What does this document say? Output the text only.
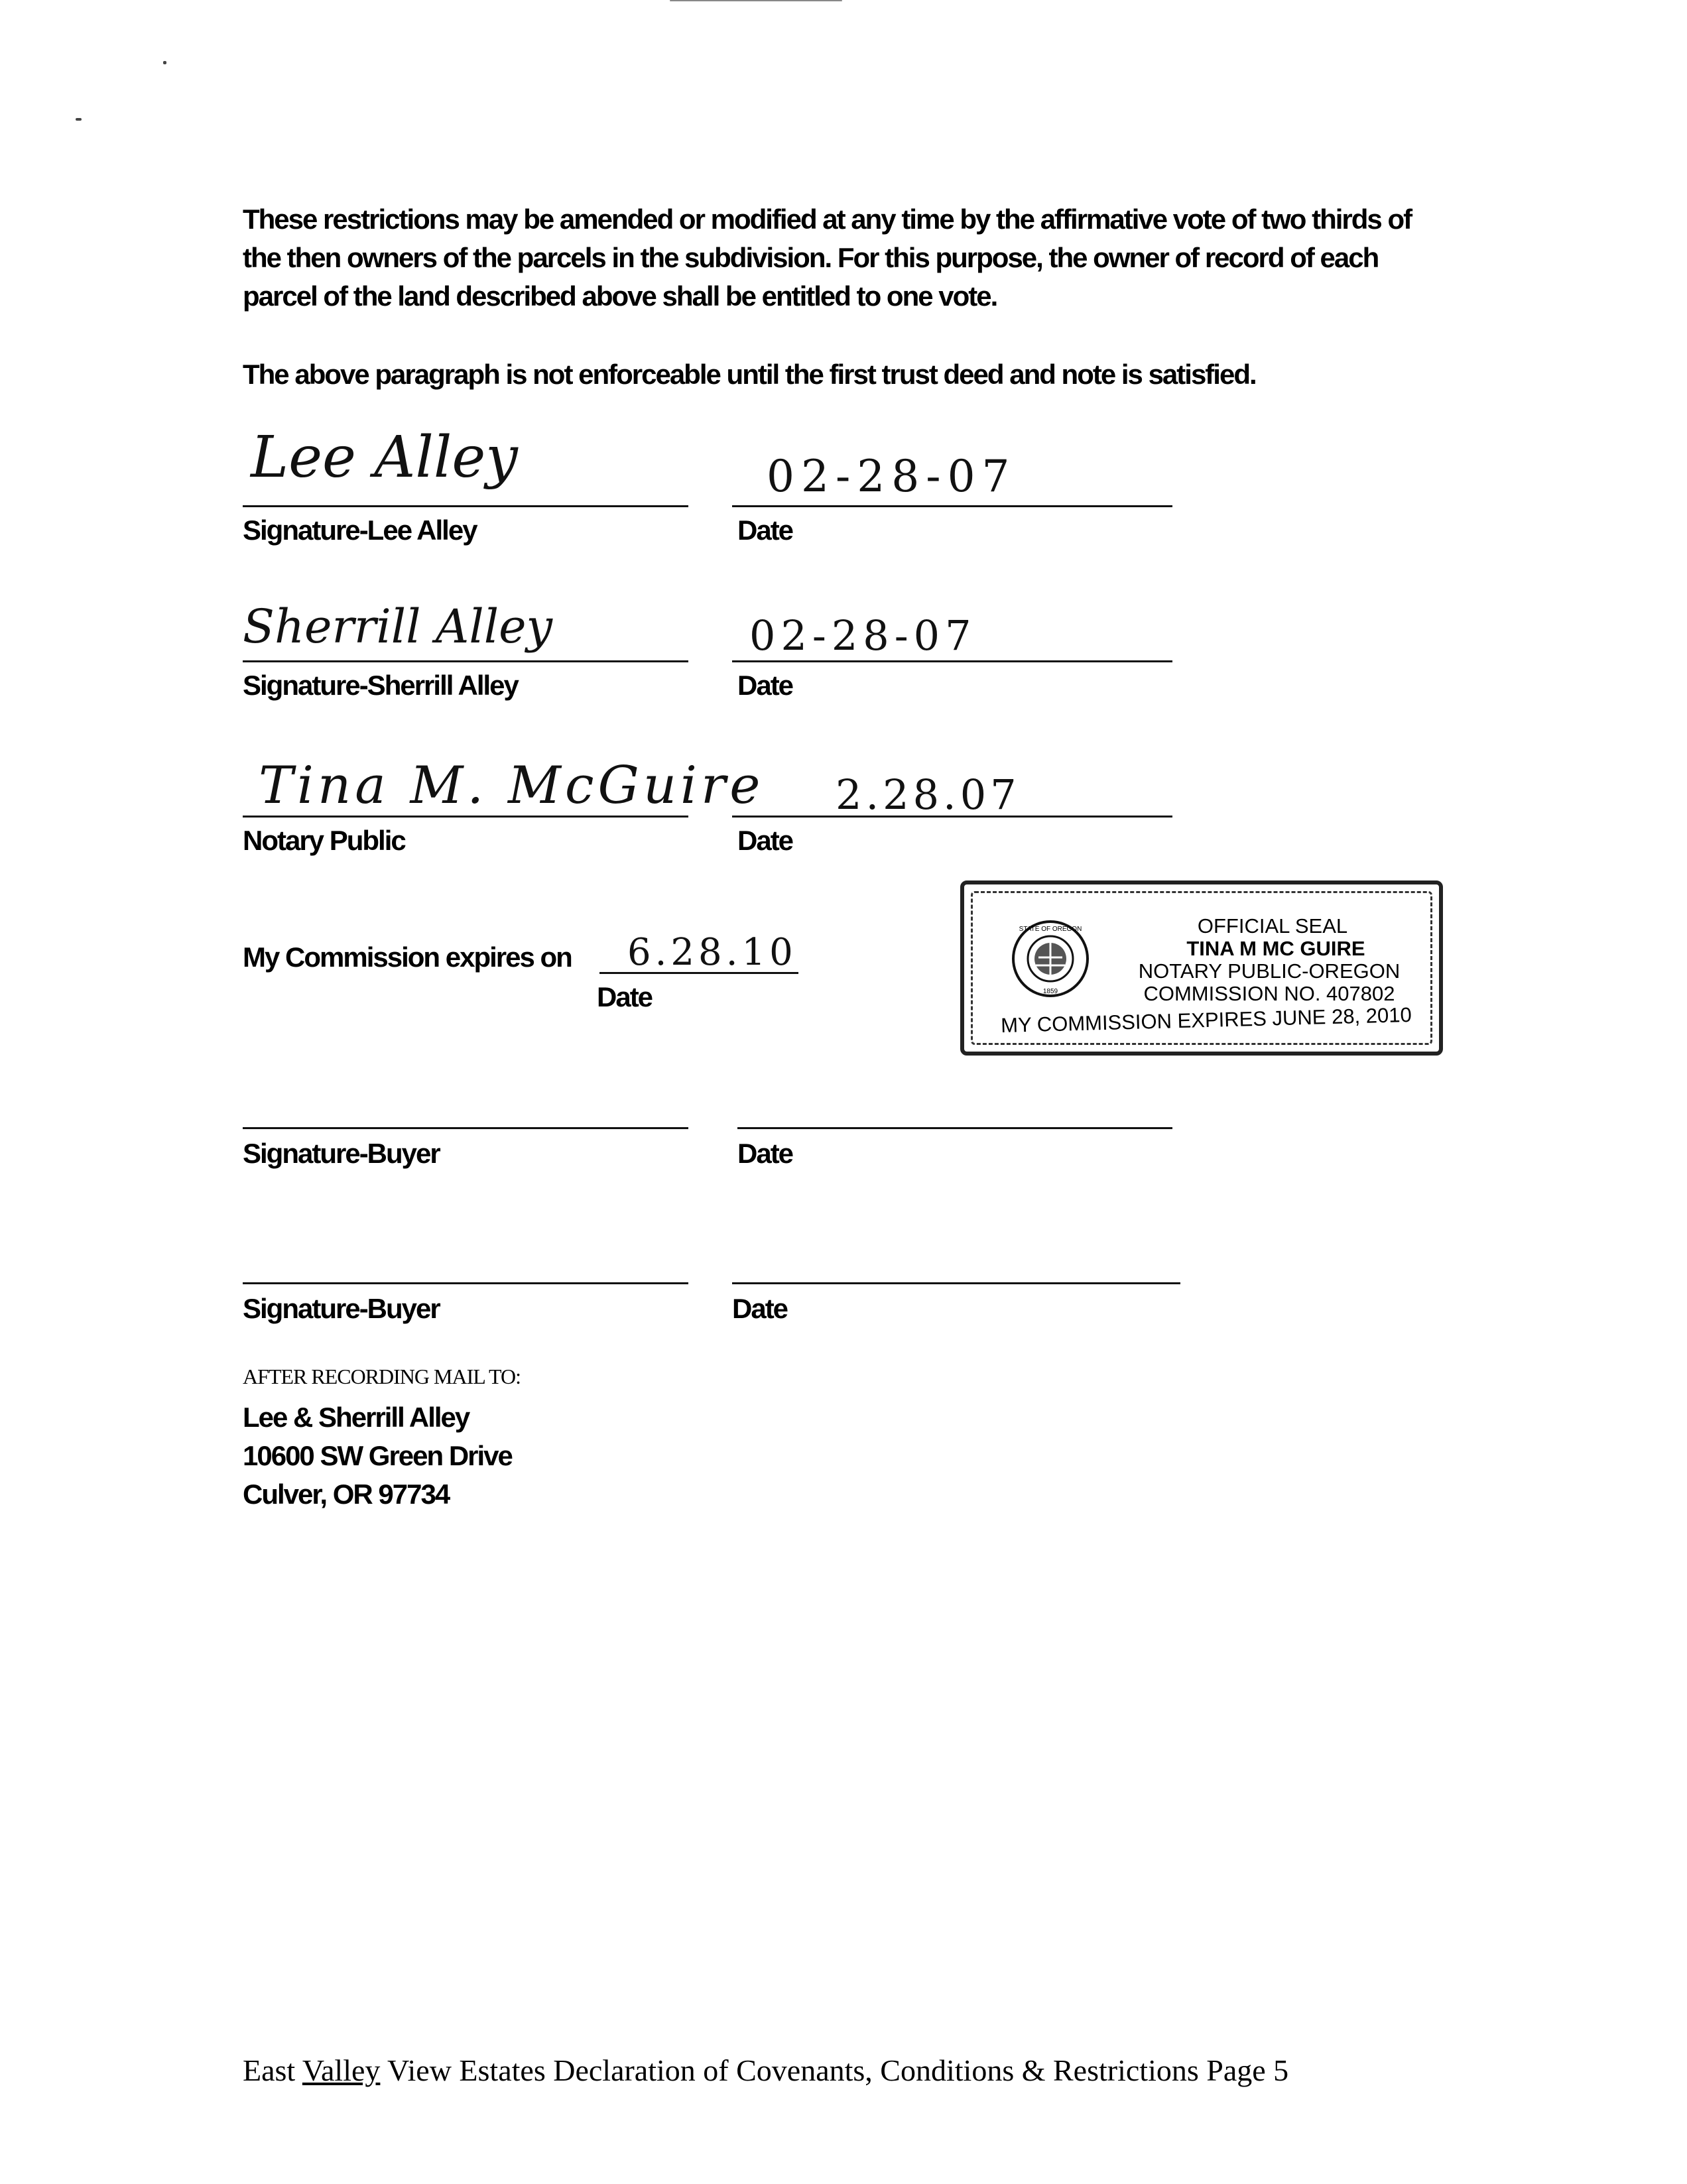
These restrictions may be amended or modified at any time by the affirmative vote of two thirds of the then owners of the parcels in the subdivision. For this purpose, the owner of record of each parcel of the land described above shall be entitled to one vote.
The above paragraph is not enforceable until the first trust deed and note is satisfied.
Lee Alley
Signature-Lee Alley
02-28-07
Date
Sherrill Alley
Signature-Sherrill Alley
02-28-07
Date
Tina M. McGuire
Notary Public
2.28.07
Date
My Commission expires on 6.28.10
Date
STATE OF OREGON
1859
OFFICIAL SEAL
TINA M MC GUIRE
NOTARY PUBLIC-OREGON
COMMISSION NO. 407802
MY COMMISSION EXPIRES JUNE 28, 2010
Signature-Buyer	Date
Signature-Buyer	Date
AFTER RECORDING MAIL TO:
Lee & Sherrill Alley
10600 SW Green Drive
Culver, OR 97734
East Valley View Estates Declaration of Covenants, Conditions & Restrictions Page 5
